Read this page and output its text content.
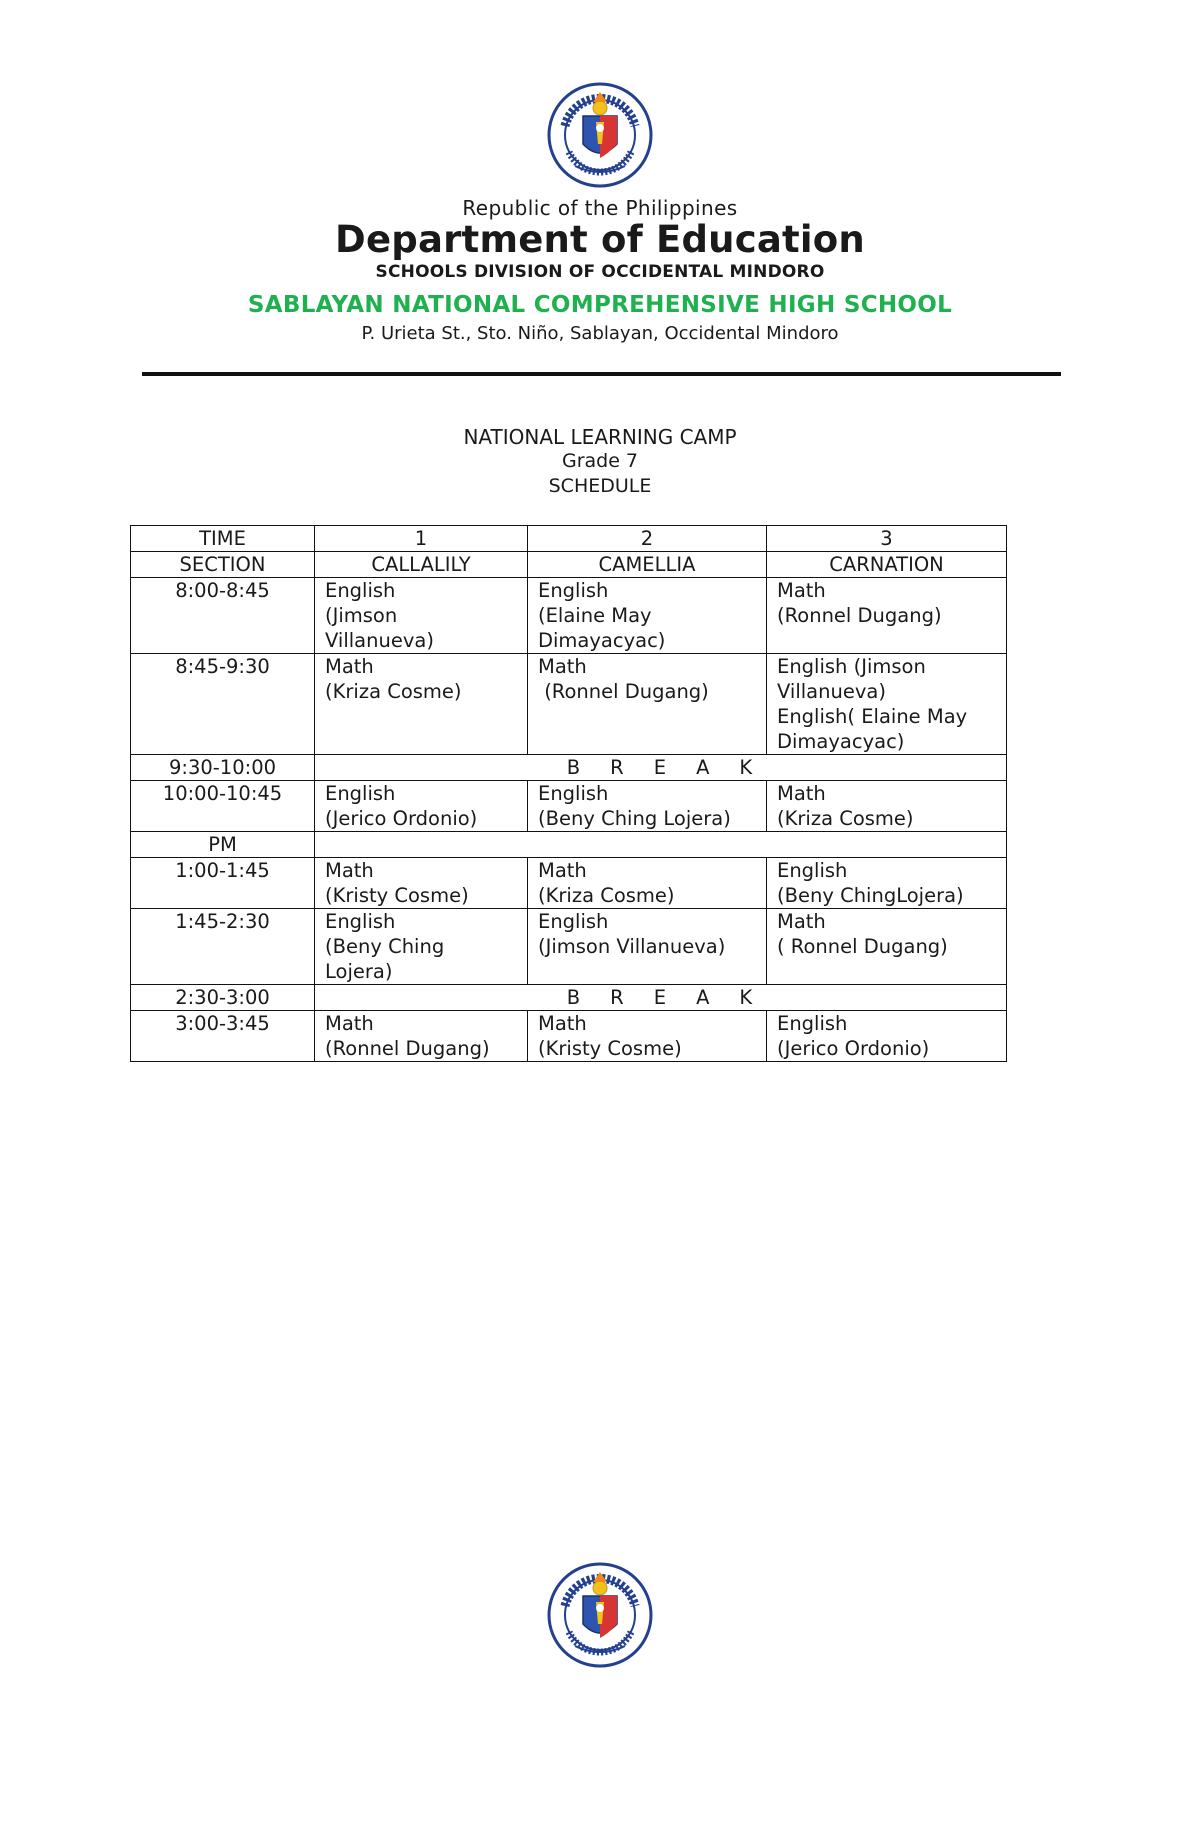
Republic of the Philippines
Department of Education
SCHOOLS DIVISION OF OCCIDENTAL MINDORO
SABLAYAN NATIONAL COMPREHENSIVE HIGH SCHOOL
P. Urieta St., Sto. Niño, Sablayan, Occidental Mindoro
NATIONAL LEARNING CAMP
Grade 7
SCHEDULE
TIME	1	2	3
SECTION	CALLALILY	CAMELLIA	CARNATION
8:00-8:45	English
(Jimson
Villanueva)	English
(Elaine May
Dimayacyac)	Math
(Ronnel Dugang)

8:45-9:30	Math
(Kriza Cosme)	Math
(Ronnel Dugang)	English (Jimson
Villanueva)
English( Elaine May
Dimayacyac)

9:30-10:00	B R E A K		
10:00-10:45	English
(Jerico Ordonio)	English
(Beny Ching Lojera)	Math
(Kriza Cosme)

PM			
1:00-1:45	Math
(Kristy Cosme)	Math
(Kriza Cosme)	English
(Beny ChingLojera)

1:45-2:30	English
(Beny Ching
Lojera)	English
(Jimson Villanueva)	Math
( Ronnel Dugang)

2:30-3:00	B R E A K		
3:00-3:45	Math
(Ronnel Dugang)	Math
(Kristy Cosme)	English
(Jerico Ordonio)
